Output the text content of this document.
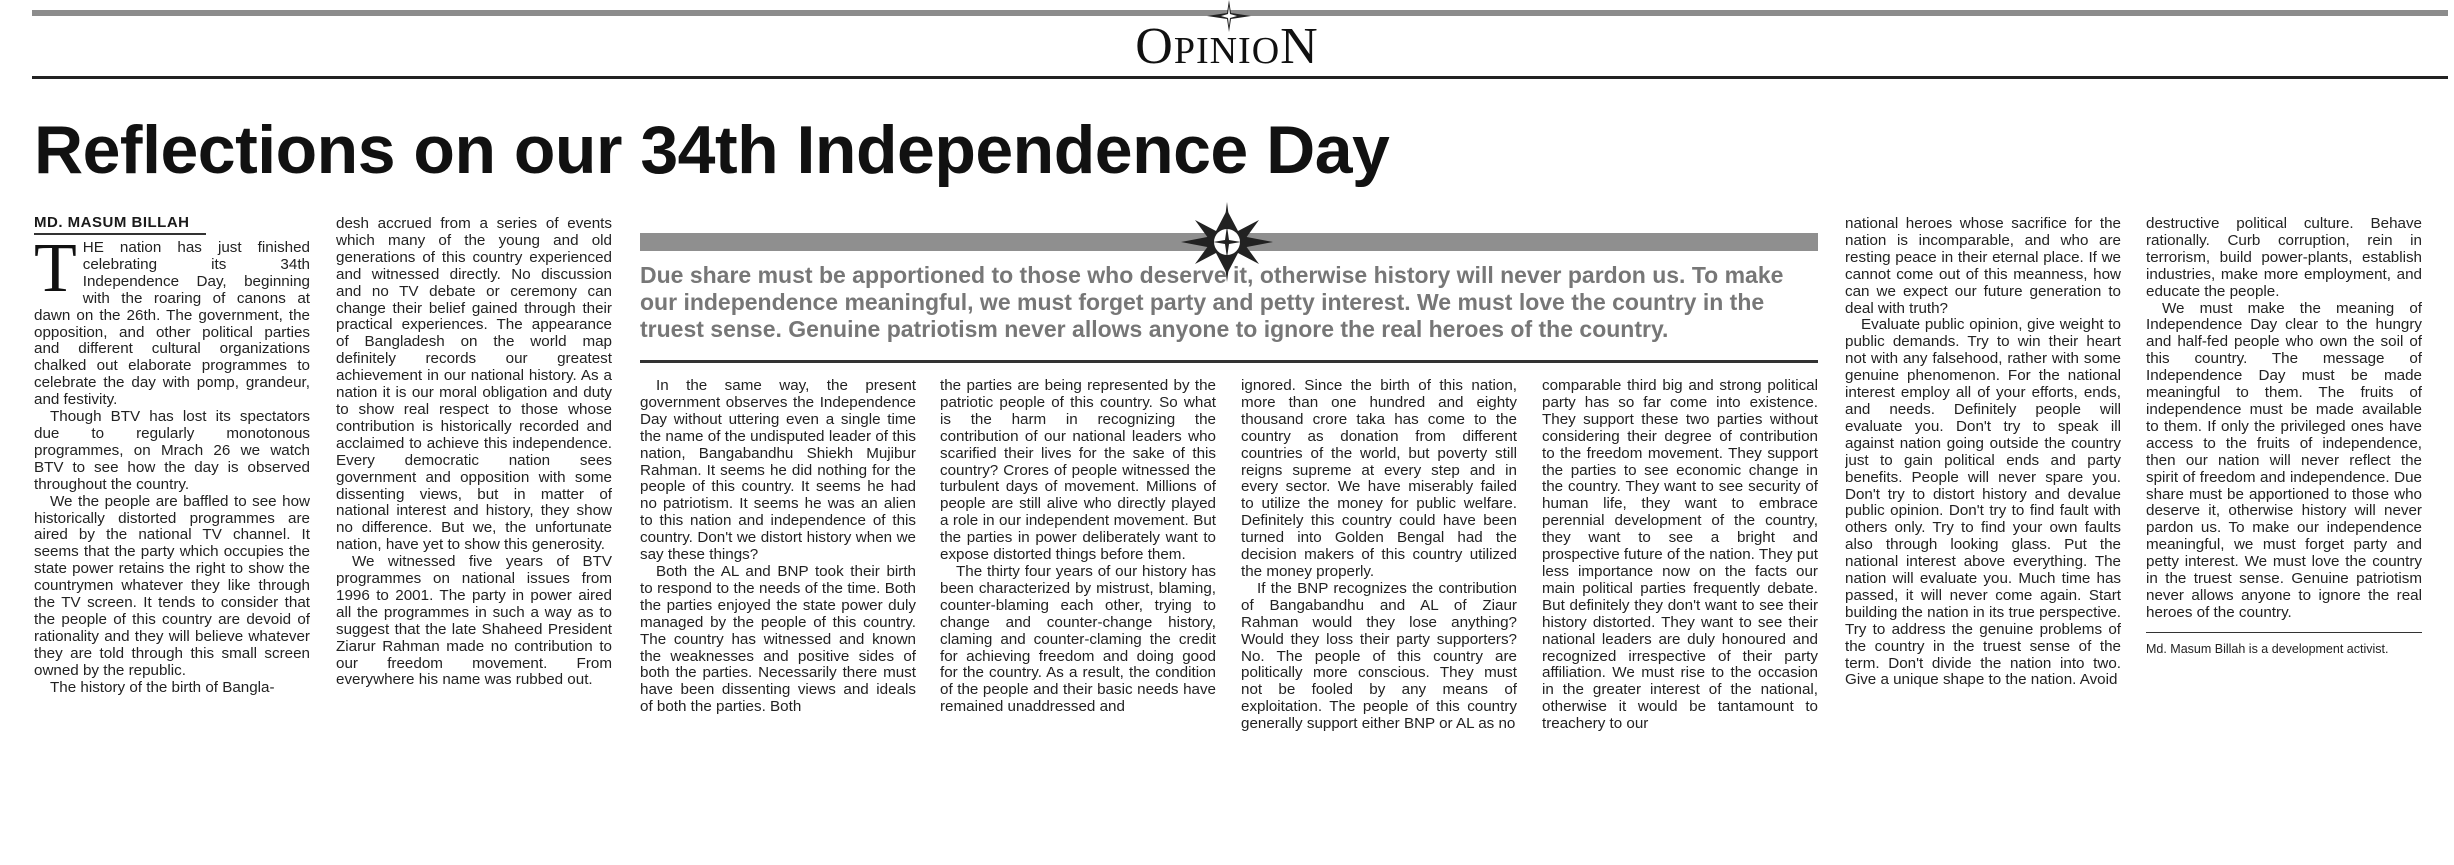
OPINION
Reflections on our 34th Independence Day
MD. MASUM BILLAH
Due share must be apportioned to those who deserve it, otherwise history will never pardon us. To make our independence meaningful, we must forget party and petty interest. We must love the country in the truest sense. Genuine patriotism never allows anyone to ignore the real heroes of the country.

THE nation has just finished celebrating its 34th Independence Day, beginning with the roaring of canons at dawn on the 26th. The government, the opposition, and other political parties and different cultural organizations chalked out elaborate programmes to celebrate the day with pomp, grandeur, and festivity.

Though BTV has lost its spectators due to regularly monotonous programmes, on Mrach 26 we watch BTV to see how the day is observed throughout the country.

We the people are baffled to see how historically distorted programmes are aired by the national TV channel. It seems that the party which occupies the state power retains the right to show the countrymen whatever they like through the TV screen. It tends to consider that the people of this country are devoid of rationality and they will believe whatever they are told through this small screen owned by the republic.

The history of the birth of Bangla-

desh accrued from a series of events which many of the young and old generations of this country experienced and witnessed directly. No discussion and no TV debate or ceremony can change their belief gained through their practical experiences. The appearance of Bangladesh on the world map definitely records our greatest achievement in our national history. As a nation it is our moral obligation and duty to show real respect to those whose contribution is historically recorded and acclaimed to achieve this independence. Every democratic nation sees government and opposition with some dissenting views, but in matter of national interest and history, they show no difference. But we, the unfortunate nation, have yet to show this generosity.

We witnessed five years of BTV programmes on national issues from 1996 to 2001. The party in power aired all the programmes in such a way as to suggest that the late Shaheed President Ziarur Rahman made no contribution to our freedom movement. From everywhere his name was rubbed out.

In the same way, the present government observes the Independence Day without uttering even a single time the name of the undisputed leader of this nation, Bangabandhu Shiekh Mujibur Rahman. It seems he did nothing for the people of this country. It seems he had no patriotism. It seems he was an alien to this nation and independence of this country. Don't we distort history when we say these things?

Both the AL and BNP took their birth to respond to the needs of the time. Both the parties enjoyed the state power duly managed by the people of this country. The country has witnessed and known the weaknesses and positive sides of both the parties. Necessarily there must have been dissenting views and ideals of both the parties. Both

the parties are being represented by the patriotic people of this country. So what is the harm in recognizing the contribution of our national leaders who scarified their lives for the sake of this country? Crores of people witnessed the turbulent days of movement. Millions of people are still alive who directly played a role in our independent movement. But the parties in power deliberately want to expose distorted things before them.

The thirty four years of our history has been characterized by mistrust, blaming, counter-blaming each other, trying to change and counter-change history, claming and counter-claming the credit for achieving freedom and doing good for the country. As a result, the condition of the people and their basic needs have remained unaddressed and

ignored. Since the birth of this nation, more than one hundred and eighty thousand crore taka has come to the country as donation from different countries of the world, but poverty still reigns supreme at every step and in every sector. We have miserably failed to utilize the money for public welfare. Definitely this country could have been turned into Golden Bengal had the decision makers of this country utilized the money properly.

If the BNP recognizes the contribution of Bangabandhu and AL of Ziaur Rahman would they lose anything? Would they loss their party supporters? No. The people of this country are politically more conscious. They must not be fooled by any means of exploitation. The people of this country generally support either BNP or AL as no

comparable third big and strong political party has so far come into existence. They support these two parties without considering their degree of contribution to the freedom movement. They support the parties to see economic change in the country. They want to see security of human life, they want to embrace perennial development of the country, they want to see a bright and prospective future of the nation. They put less importance now on the facts our main political parties frequently debate. But definitely they don't want to see their history distorted. They want to see their national leaders are duly honoured and recognized irrespective of their party affiliation. We must rise to the occasion in the greater interest of the national, otherwise it would be tantamount to treachery to our

national heroes whose sacrifice for the nation is incomparable, and who are resting peace in their eternal place. If we cannot come out of this meanness, how can we expect our future generation to deal with truth?

Evaluate public opinion, give weight to public demands. Try to win their heart not with any falsehood, rather with some genuine phenomenon. For the national interest employ all of your efforts, ends, and needs. Definitely people will evaluate you. Don't try to speak ill against nation going outside the country just to gain political ends and party benefits. People will never spare you. Don't try to distort history and devalue public opinion. Don't try to find fault with others only. Try to find your own faults also through looking glass. Put the national interest above everything. The nation will evaluate you. Much time has passed, it will never come again. Start building the nation in its true perspective. Try to address the genuine problems of the country in the truest sense of the term. Don't divide the nation into two. Give a unique shape to the nation. Avoid

destructive political culture. Behave rationally. Curb corruption, rein in terrorism, build power-plants, establish industries, make more employment, and educate the people.

We must make the meaning of Independence Day clear to the hungry and half-fed people who own the soil of this country. The message of Independence Day must be made meaningful to them. The fruits of independence must be made available to them. If only the privileged ones have access to the fruits of independence, then our nation will never reflect the spirit of freedom and independence. Due share must be apportioned to those who deserve it, otherwise history will never pardon us. To make our independence meaningful, we must forget party and petty interest. We must love the country in the truest sense. Genuine patriotism never allows anyone to ignore the real heroes of the country.

Md. Masum Billah is a development activist.
